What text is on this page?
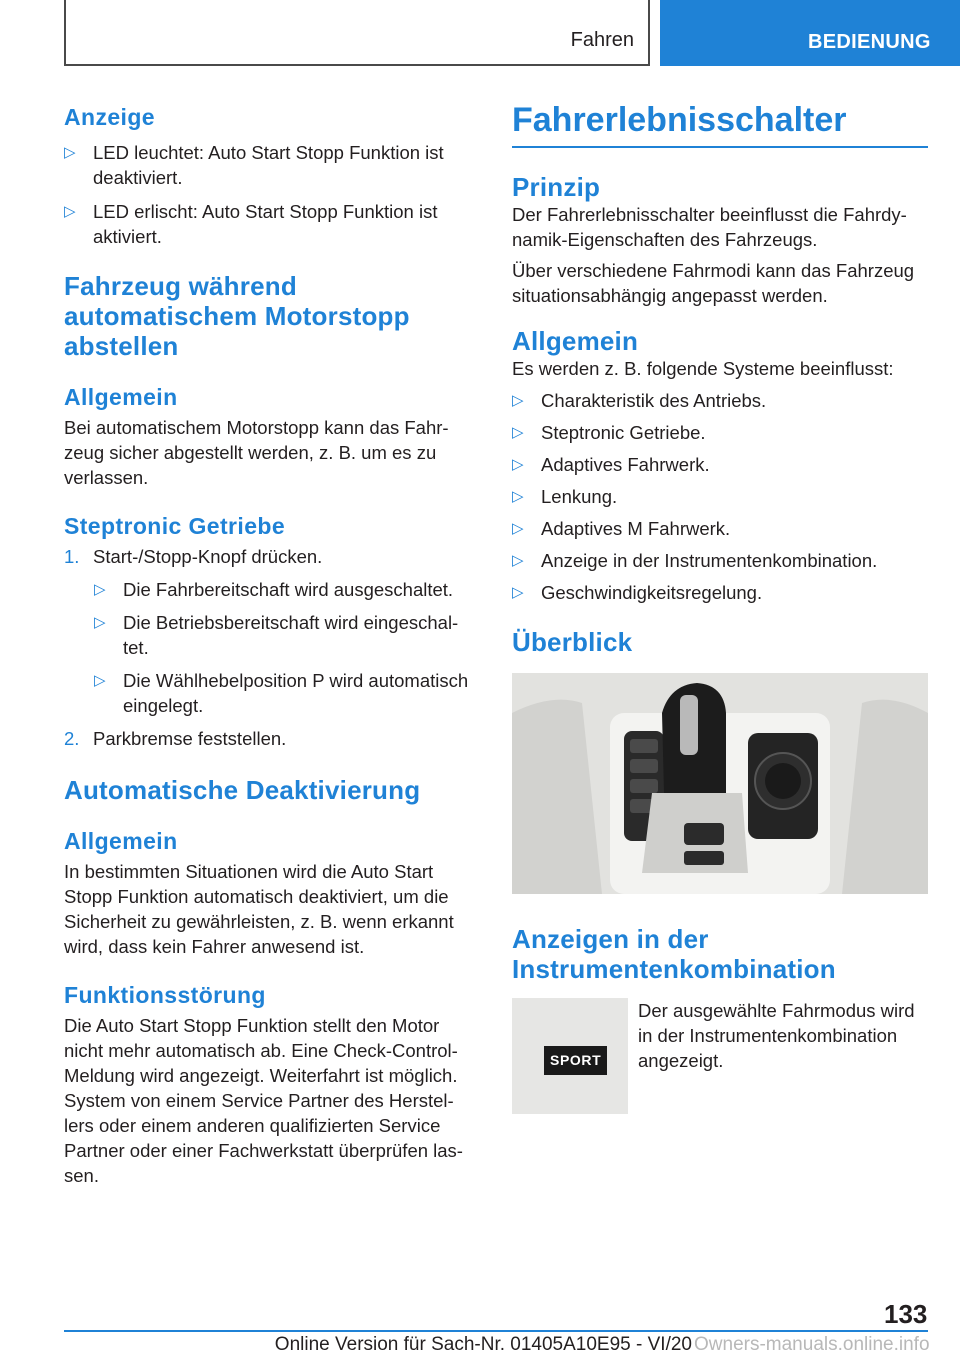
Fahren	BEDIENUNG
Anzeige
▷ LED leuchtet: Auto Start Stopp Funktion ist deaktiviert.
▷ LED erlischt: Auto Start Stopp Funktion ist aktiviert.
Fahrzeug während automatischem Motorstopp abstellen
Allgemein
Bei automatischem Motorstopp kann das Fahr-zeug sicher abgestellt werden, z. B. um es zu verlassen.
Steptronic Getriebe
1. Start-/Stopp-Knopf drücken.
▷ Die Fahrbereitschaft wird ausgeschaltet.
▷ Die Betriebsbereitschaft wird eingeschal-tet.
▷ Die Wählhebelposition P wird automatisch eingelegt.
2. Parkbremse feststellen.
Automatische Deaktivierung
Allgemein
In bestimmten Situationen wird die Auto Start Stopp Funktion automatisch deaktiviert, um die Sicherheit zu gewährleisten, z. B. wenn erkannt wird, dass kein Fahrer anwesend ist.
Funktionsstörung
Die Auto Start Stopp Funktion stellt den Motor nicht mehr automatisch ab. Eine Check-Control-Meldung wird angezeigt. Weiterfahrt ist möglich. System von einem Service Partner des Herstel-lers oder einem anderen qualifizierten Service Partner oder einer Fachwerkstatt überprüfen las-sen.
Fahrerlebnisschalter
Prinzip
Der Fahrerlebnisschalter beeinflusst die Fahrdy-namik-Eigenschaften des Fahrzeugs.
Über verschiedene Fahrmodi kann das Fahrzeug situationsabhängig angepasst werden.
Allgemein
Es werden z. B. folgende Systeme beeinflusst:
▷ Charakteristik des Antriebs.
▷ Steptronic Getriebe.
▷ Adaptives Fahrwerk.
▷ Lenkung.
▷ Adaptives M Fahrwerk.
▷ Anzeige in der Instrumentenkombination.
▷ Geschwindigkeitsregelung.
Überblick
Anzeigen in der Instrumentenkombination
SPORT
Der ausgewählte Fahrmodus wird in der Instrumentenkombination angezeigt.
133
Online Version für Sach-Nr. 01405A10E95 - VI/20 Owners-manuals.online.info
